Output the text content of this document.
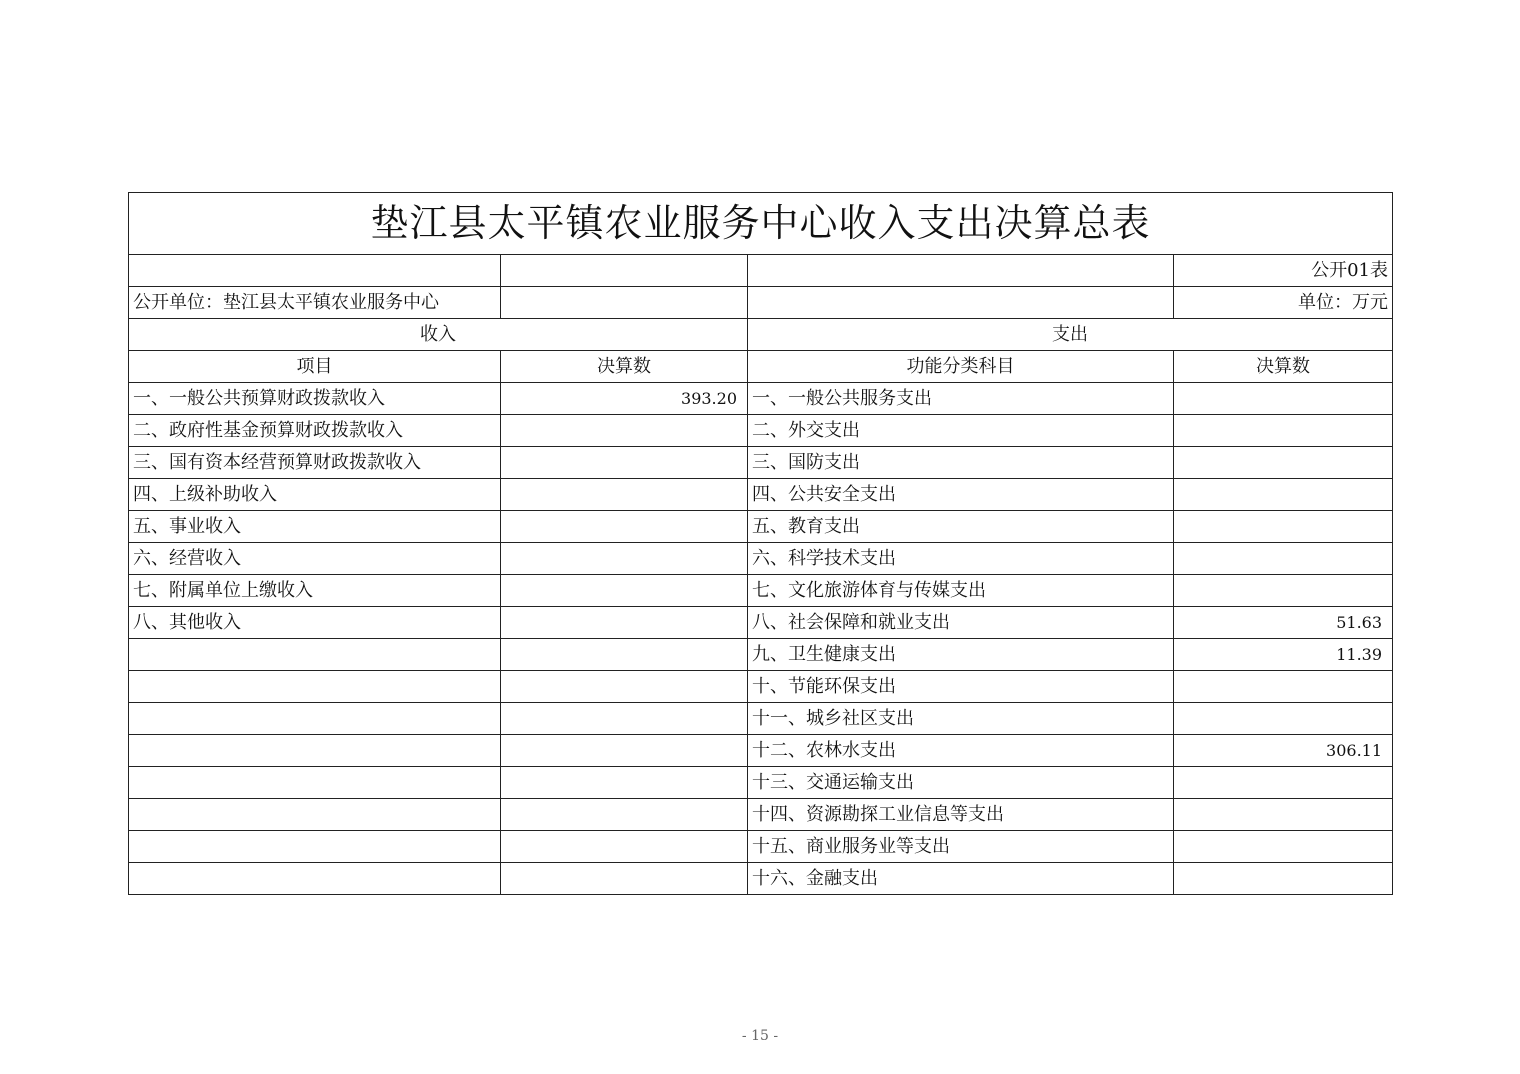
垫江县太平镇农业服务中心收入支出决算总表			
			公开01表
公开单位：垫江县太平镇农业服务中心			单位：万元
收入		支出	
项目	决算数	功能分类科目	决算数
一、一般公共预算财政拨款收入	393.20	一、一般公共服务支出	
二、政府性基金预算财政拨款收入		二、外交支出	
三、国有资本经营预算财政拨款收入		三、国防支出	
四、上级补助收入		四、公共安全支出	
五、事业收入		五、教育支出	
六、经营收入		六、科学技术支出	
七、附属单位上缴收入		七、文化旅游体育与传媒支出	
八、其他收入		八、社会保障和就业支出	51.63
		九、卫生健康支出	11.39
		十、节能环保支出	
		十一、城乡社区支出	
		十二、农林水支出	306.11
		十三、交通运输支出	
		十四、资源勘探工业信息等支出	
		十五、商业服务业等支出	
		十六、金融支出	
- 15 -
